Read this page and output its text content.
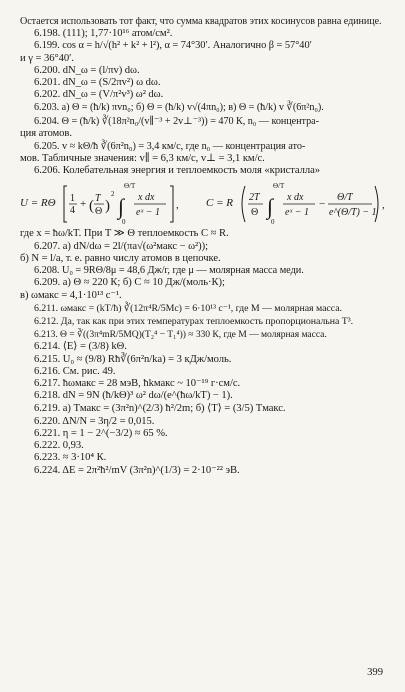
Остается использовать тот факт, что сумма квадратов этих косинусов равна единице.
6.198. (111); 1,77·10¹⁶ атом/см².
6.199. cos α = h/√(h² + k² + l²), α = 74°30′. Аналогично β = 57°40′
и γ = 36°40′.
6.200. dN_ω = (l/πv) dω.
6.201. dN_ω = (S/2πv²) ω dω.
6.202. dN_ω = (V/π²v³) ω² dω.
6.203. а) Θ = (ħ/k) πvn₀; б) Θ = (ħ/k) v√(4πn₀); в) Θ = (ħ/k) v ∛(6π²n₀).
6.204. Θ = (ħ/k) ∛(18π²n₀/(v∥⁻³ + 2v⊥⁻³)) = 470 К, n₀ — концентра-
ция атомов.
6.205. v ≈ kΘ/ħ ∛(6π²n₀) = 3,4 км/с, где n₀ — концентрация ато-
мов. Табличные значения: v∥ = 6,3 км/с, v⊥ = 3,1 км/с.
6.206. Колебательная энергия и теплоемкость моля «кристалла»
U = RΘ 1
4
+ ( T
Θ )
2 ∫
Θ/T
0
x dx
eˣ − 1
, C = R 2T
Θ ∫
Θ/T
0
x dx
eˣ − 1
−
Θ/T
e^(Θ/T) − 1
,
где x = ħω/kT. При T ≫ Θ теплоемкость C ≈ R.
6.207. а) dN/dω = 2l/(πa√(ω²макс − ω²));
б) N = l/a, т. е. равно числу атомов в цепочке.
6.208. U₀ = 9RΘ/8μ = 48,6 Дж/г, где μ — молярная масса меди.
6.209. а) Θ ≈ 220 К; б) C ≈ 10 Дж/(моль·К);
в) ωмакс = 4,1·10¹³ с⁻¹.
6.211. ωмакс = (kT/ħ) ∛(12π⁴R/5Mc) = 6·10¹³ с⁻¹, где M — молярная масса.
6.212. Да, так как при этих температурах теплоемкость пропорциональна T³.
6.213. Θ = ∛((3π⁴mR/5MQ)(T₂⁴ − T₁⁴)) ≈ 330 К, где M — молярная масса.
6.214. ⟨E⟩ = (3/8) kΘ.
6.215. U₀ ≈ (9/8) Rħ∛(6π²n/ka) = 3 кДж/моль.
6.216. См. рис. 49.
6.217. ħωмакс = 28 мэВ, ħkмакс ~ 10⁻¹⁹ г·см/с.
6.218. dN = 9N (ħ/kΘ)³ ω² dω/(e^(ħω/kT) − 1).
6.219. а) Tмакс = (3π²n)^(2/3) ħ²/2m; б) ⟨T⟩ = (3/5) Tмакс.
6.220. ΔN/N = 3η/2 = 0,015.
6.221. η = 1 − 2^(−3/2) ≈ 65 %.
6.222. 0,93.
6.223. ≈ 3·10⁴ К.
6.224. ΔE = 2π²ħ²/mV (3π²n)^(1/3) = 2·10⁻²² эВ.
399
